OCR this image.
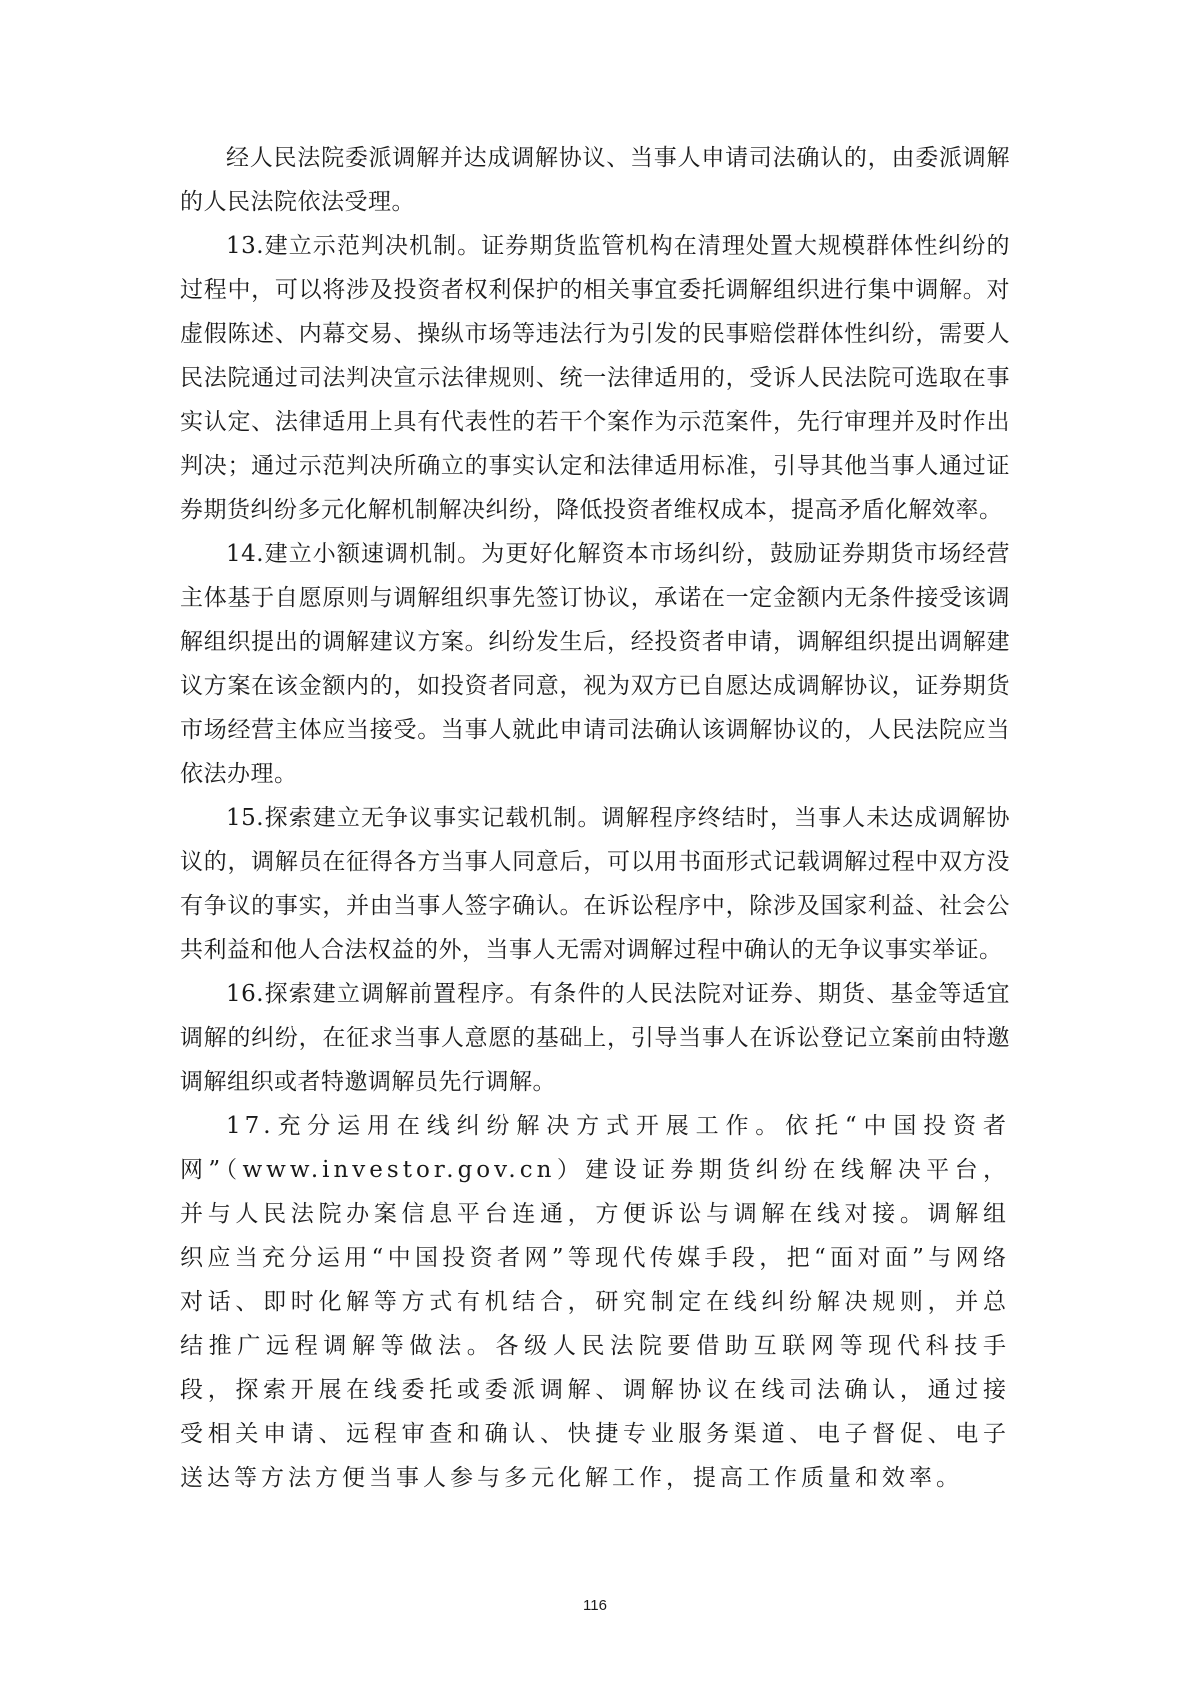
经人民法院委派调解并达成调解协议、当事人申请司法确认的，由委派调解的人民法院依法受理。

13.建立示范判决机制。证券期货监管机构在清理处置大规模群体性纠纷的过程中，可以将涉及投资者权利保护的相关事宜委托调解组织进行集中调解。对虚假陈述、内幕交易、操纵市场等违法行为引发的民事赔偿群体性纠纷，需要人民法院通过司法判决宣示法律规则、统一法律适用的，受诉人民法院可选取在事实认定、法律适用上具有代表性的若干个案作为示范案件，先行审理并及时作出判决；通过示范判决所确立的事实认定和法律适用标准，引导其他当事人通过证券期货纠纷多元化解机制解决纠纷，降低投资者维权成本，提高矛盾化解效率。

14.建立小额速调机制。为更好化解资本市场纠纷，鼓励证券期货市场经营主体基于自愿原则与调解组织事先签订协议，承诺在一定金额内无条件接受该调解组织提出的调解建议方案。纠纷发生后，经投资者申请，调解组织提出调解建议方案在该金额内的，如投资者同意，视为双方已自愿达成调解协议，证券期货市场经营主体应当接受。当事人就此申请司法确认该调解协议的，人民法院应当依法办理。

15.探索建立无争议事实记载机制。调解程序终结时，当事人未达成调解协议的，调解员在征得各方当事人同意后，可以用书面形式记载调解过程中双方没有争议的事实，并由当事人签字确认。在诉讼程序中，除涉及国家利益、社会公共利益和他人合法权益的外，当事人无需对调解过程中确认的无争议事实举证。

16.探索建立调解前置程序。有条件的人民法院对证券、期货、基金等适宜调解的纠纷，在征求当事人意愿的基础上，引导当事人在诉讼登记立案前由特邀调解组织或者特邀调解员先行调解。

17.充分运用在线纠纷解决方式开展工作。依托“中国投资者网”（www.investor.gov.cn）建设证券期货纠纷在线解决平台，并与人民法院办案信息平台连通，方便诉讼与调解在线对接。调解组织应当充分运用“中国投资者网”等现代传媒手段，把“面对面”与网络对话、即时化解等方式有机结合，研究制定在线纠纷解决规则，并总结推广远程调解等做法。各级人民法院要借助互联网等现代科技手段，探索开展在线委托或委派调解、调解协议在线司法确认，通过接受相关申请、远程审查和确认、快捷专业服务渠道、电子督促、电子送达等方法方便当事人参与多元化解工作，提高工作质量和效率。

116
